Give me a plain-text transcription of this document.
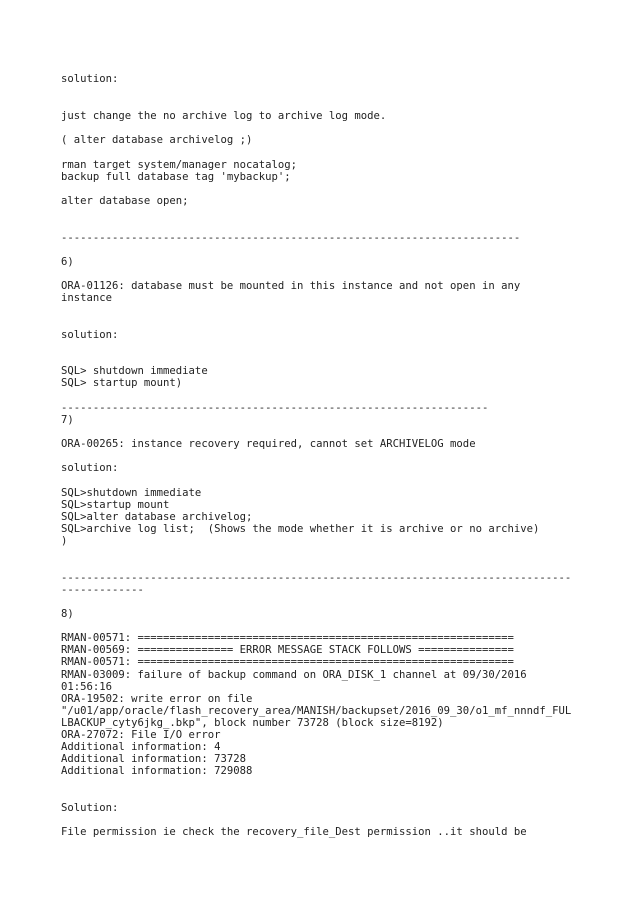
solution:

just change the no archive log to archive log mode.

( alter database archivelog ;)

rman target system/manager nocatalog;

backup full database tag 'mybackup';

alter database open;

------------------------------------------------------------------------

6)

ORA-01126: database must be mounted in this instance and not open in any

instance

solution:

SQL> shutdown immediate

SQL> startup mount)

-------------------------------------------------------------------

7)

ORA-00265: instance recovery required, cannot set ARCHIVELOG mode

solution:

SQL>shutdown immediate

SQL>startup mount

SQL>alter database archivelog;

SQL>archive log list;  (Shows the mode whether it is archive or no archive)

)

--------------------------------------------------------------------------------

-------------

8)

RMAN-00571: ===========================================================

RMAN-00569: =============== ERROR MESSAGE STACK FOLLOWS ===============

RMAN-00571: ===========================================================

RMAN-03009: failure of backup command on ORA_DISK_1 channel at 09/30/2016

01:56:16

ORA-19502: write error on file

"/u01/app/oracle/flash_recovery_area/MANISH/backupset/2016_09_30/o1_mf_nnndf_FUL

LBACKUP_cyty6jkg_.bkp", block number 73728 (block size=8192)

ORA-27072: File I/O error

Additional information: 4

Additional information: 73728

Additional information: 729088

Solution:

File permission ie check the recovery_file_Dest permission ..it should be
